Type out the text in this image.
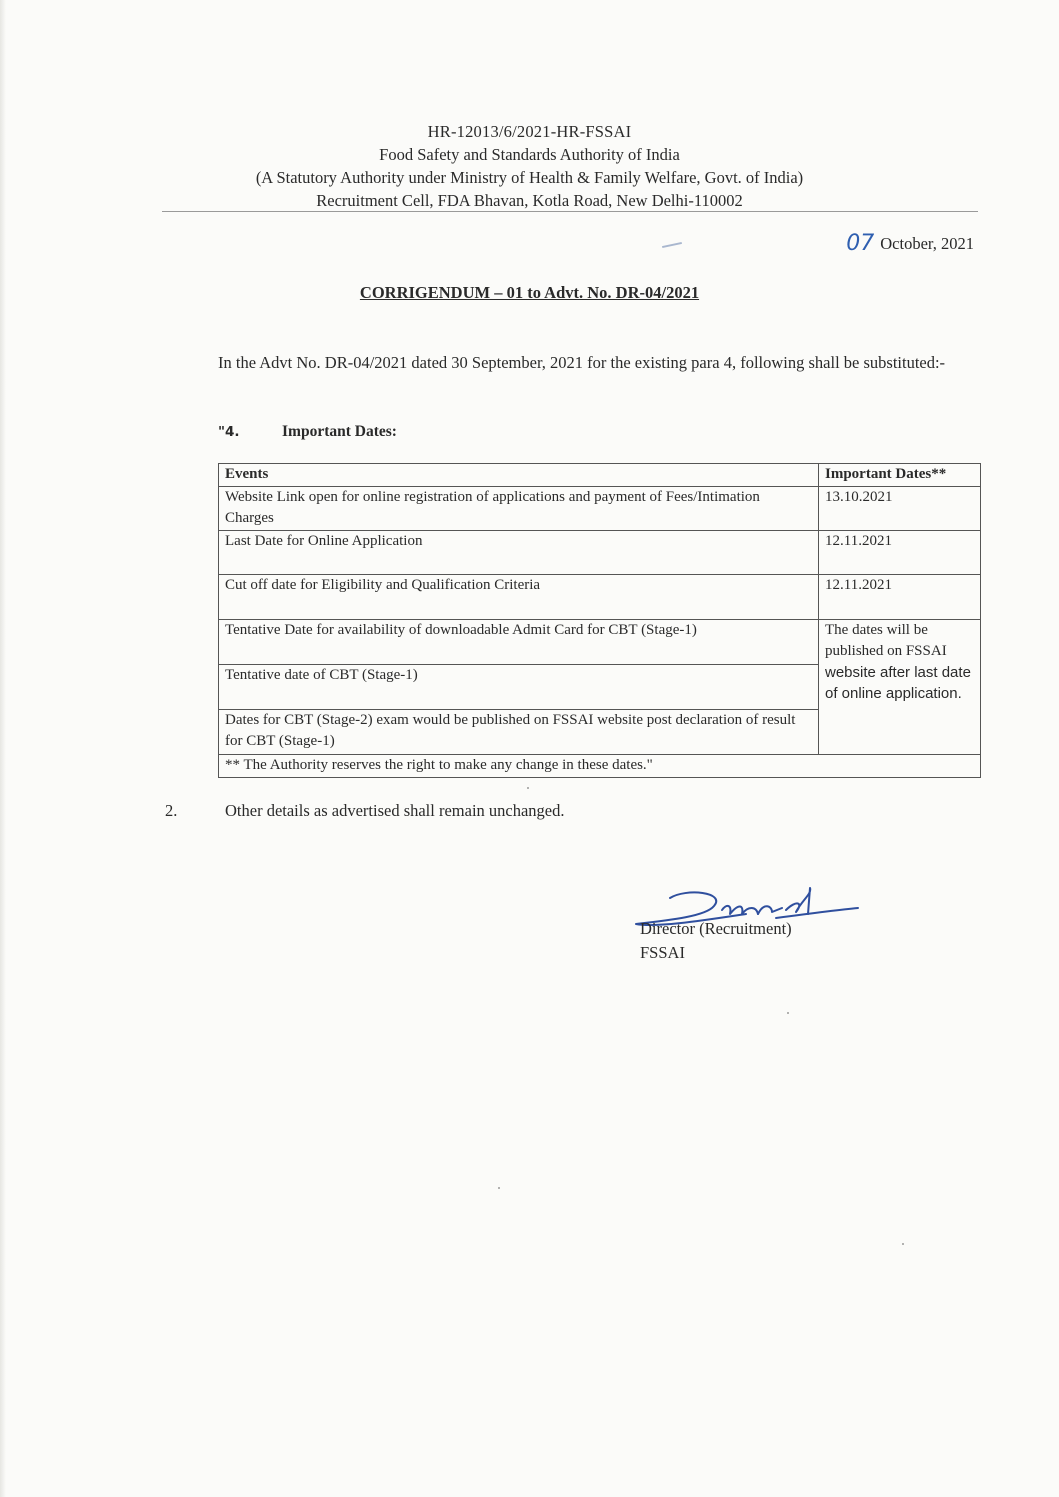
HR-12013/6/2021-HR-FSSAI
Food Safety and Standards Authority of India
(A Statutory Authority under Ministry of Health & Family Welfare, Govt. of India)
Recruitment Cell, FDA Bhavan, Kotla Road, New Delhi-110002
07 October, 2021
CORRIGENDUM – 01 to Advt. No. DR-04/2021
In the Advt No. DR-04/2021 dated 30 September, 2021 for the existing para 4, following shall be substituted:-
"4.	Important Dates:
Events	Important Dates**
Website Link open for online registration of applications and payment of Fees/Intimation Charges	13.10.2021
Last Date for Online Application	12.11.2021
Cut off date for Eligibility and Qualification Criteria	12.11.2021
Tentative Date for availability of downloadable Admit Card for CBT (Stage-1)	The dates will be published on FSSAI
website after last date of online application.

Tentative date of CBT (Stage-1)	
Dates for CBT (Stage-2) exam would be published on FSSAI website post declaration of result for CBT (Stage-1)	
** The Authority reserves the right to make any change in these dates."	
2.	Other details as advertised shall remain unchanged.
Director (Recruitment)
FSSAI
